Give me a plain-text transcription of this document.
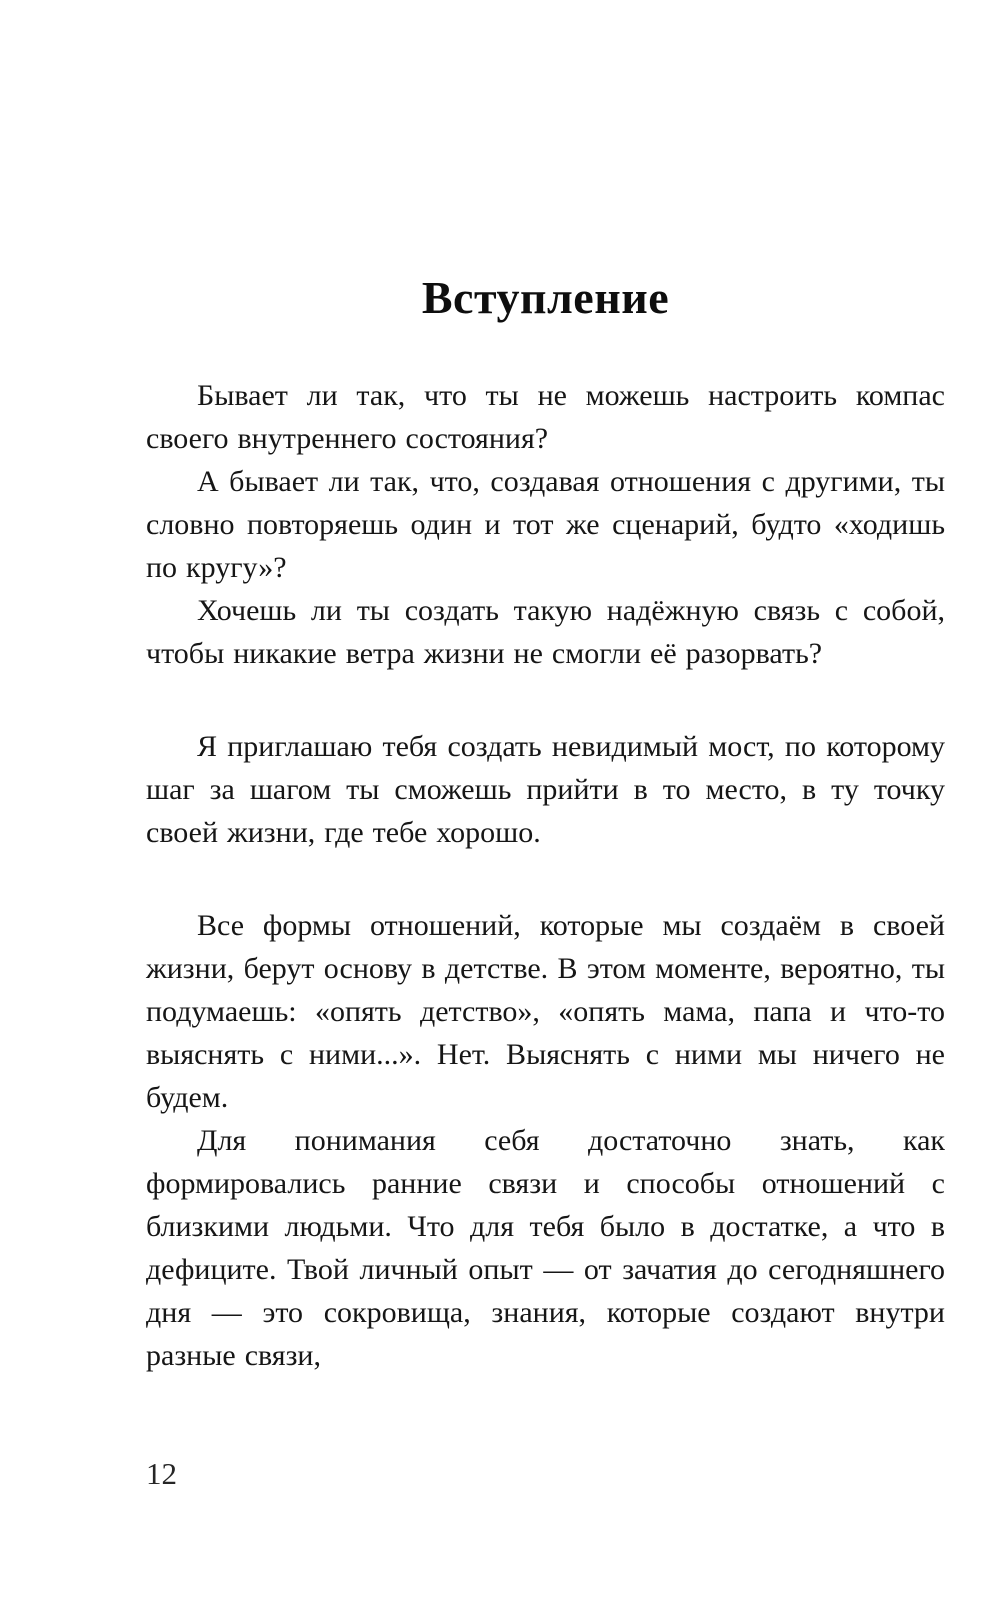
Вступление

Бывает ли так, что ты не можешь настроить компас своего внутреннего состояния?

А бывает ли так, что, создавая отношения с другими, ты словно повторяешь один и тот же сценарий, будто «ходишь по кругу»?

Хочешь ли ты создать такую надёжную связь с собой, чтобы никакие ветра жизни не смогли её разорвать?

Я приглашаю тебя создать невидимый мост, по которому шаг за шагом ты сможешь прийти в то место, в ту точку своей жизни, где тебе хорошо.

Все формы отношений, которые мы создаём в своей жизни, берут основу в детстве. В этом моменте, вероятно, ты подумаешь: «опять детство», «опять мама, папа и что-то выяснять с ними...». Нет. Выяснять с ними мы ничего не будем.

Для понимания себя достаточно знать, как формировались ранние связи и способы отношений с близкими людьми. Что для тебя было в достатке, а что в дефиците. Твой личный опыт — от зачатия до сегодняшнего дня — это сокровища, знания, которые создают внутри разные связи,

12
